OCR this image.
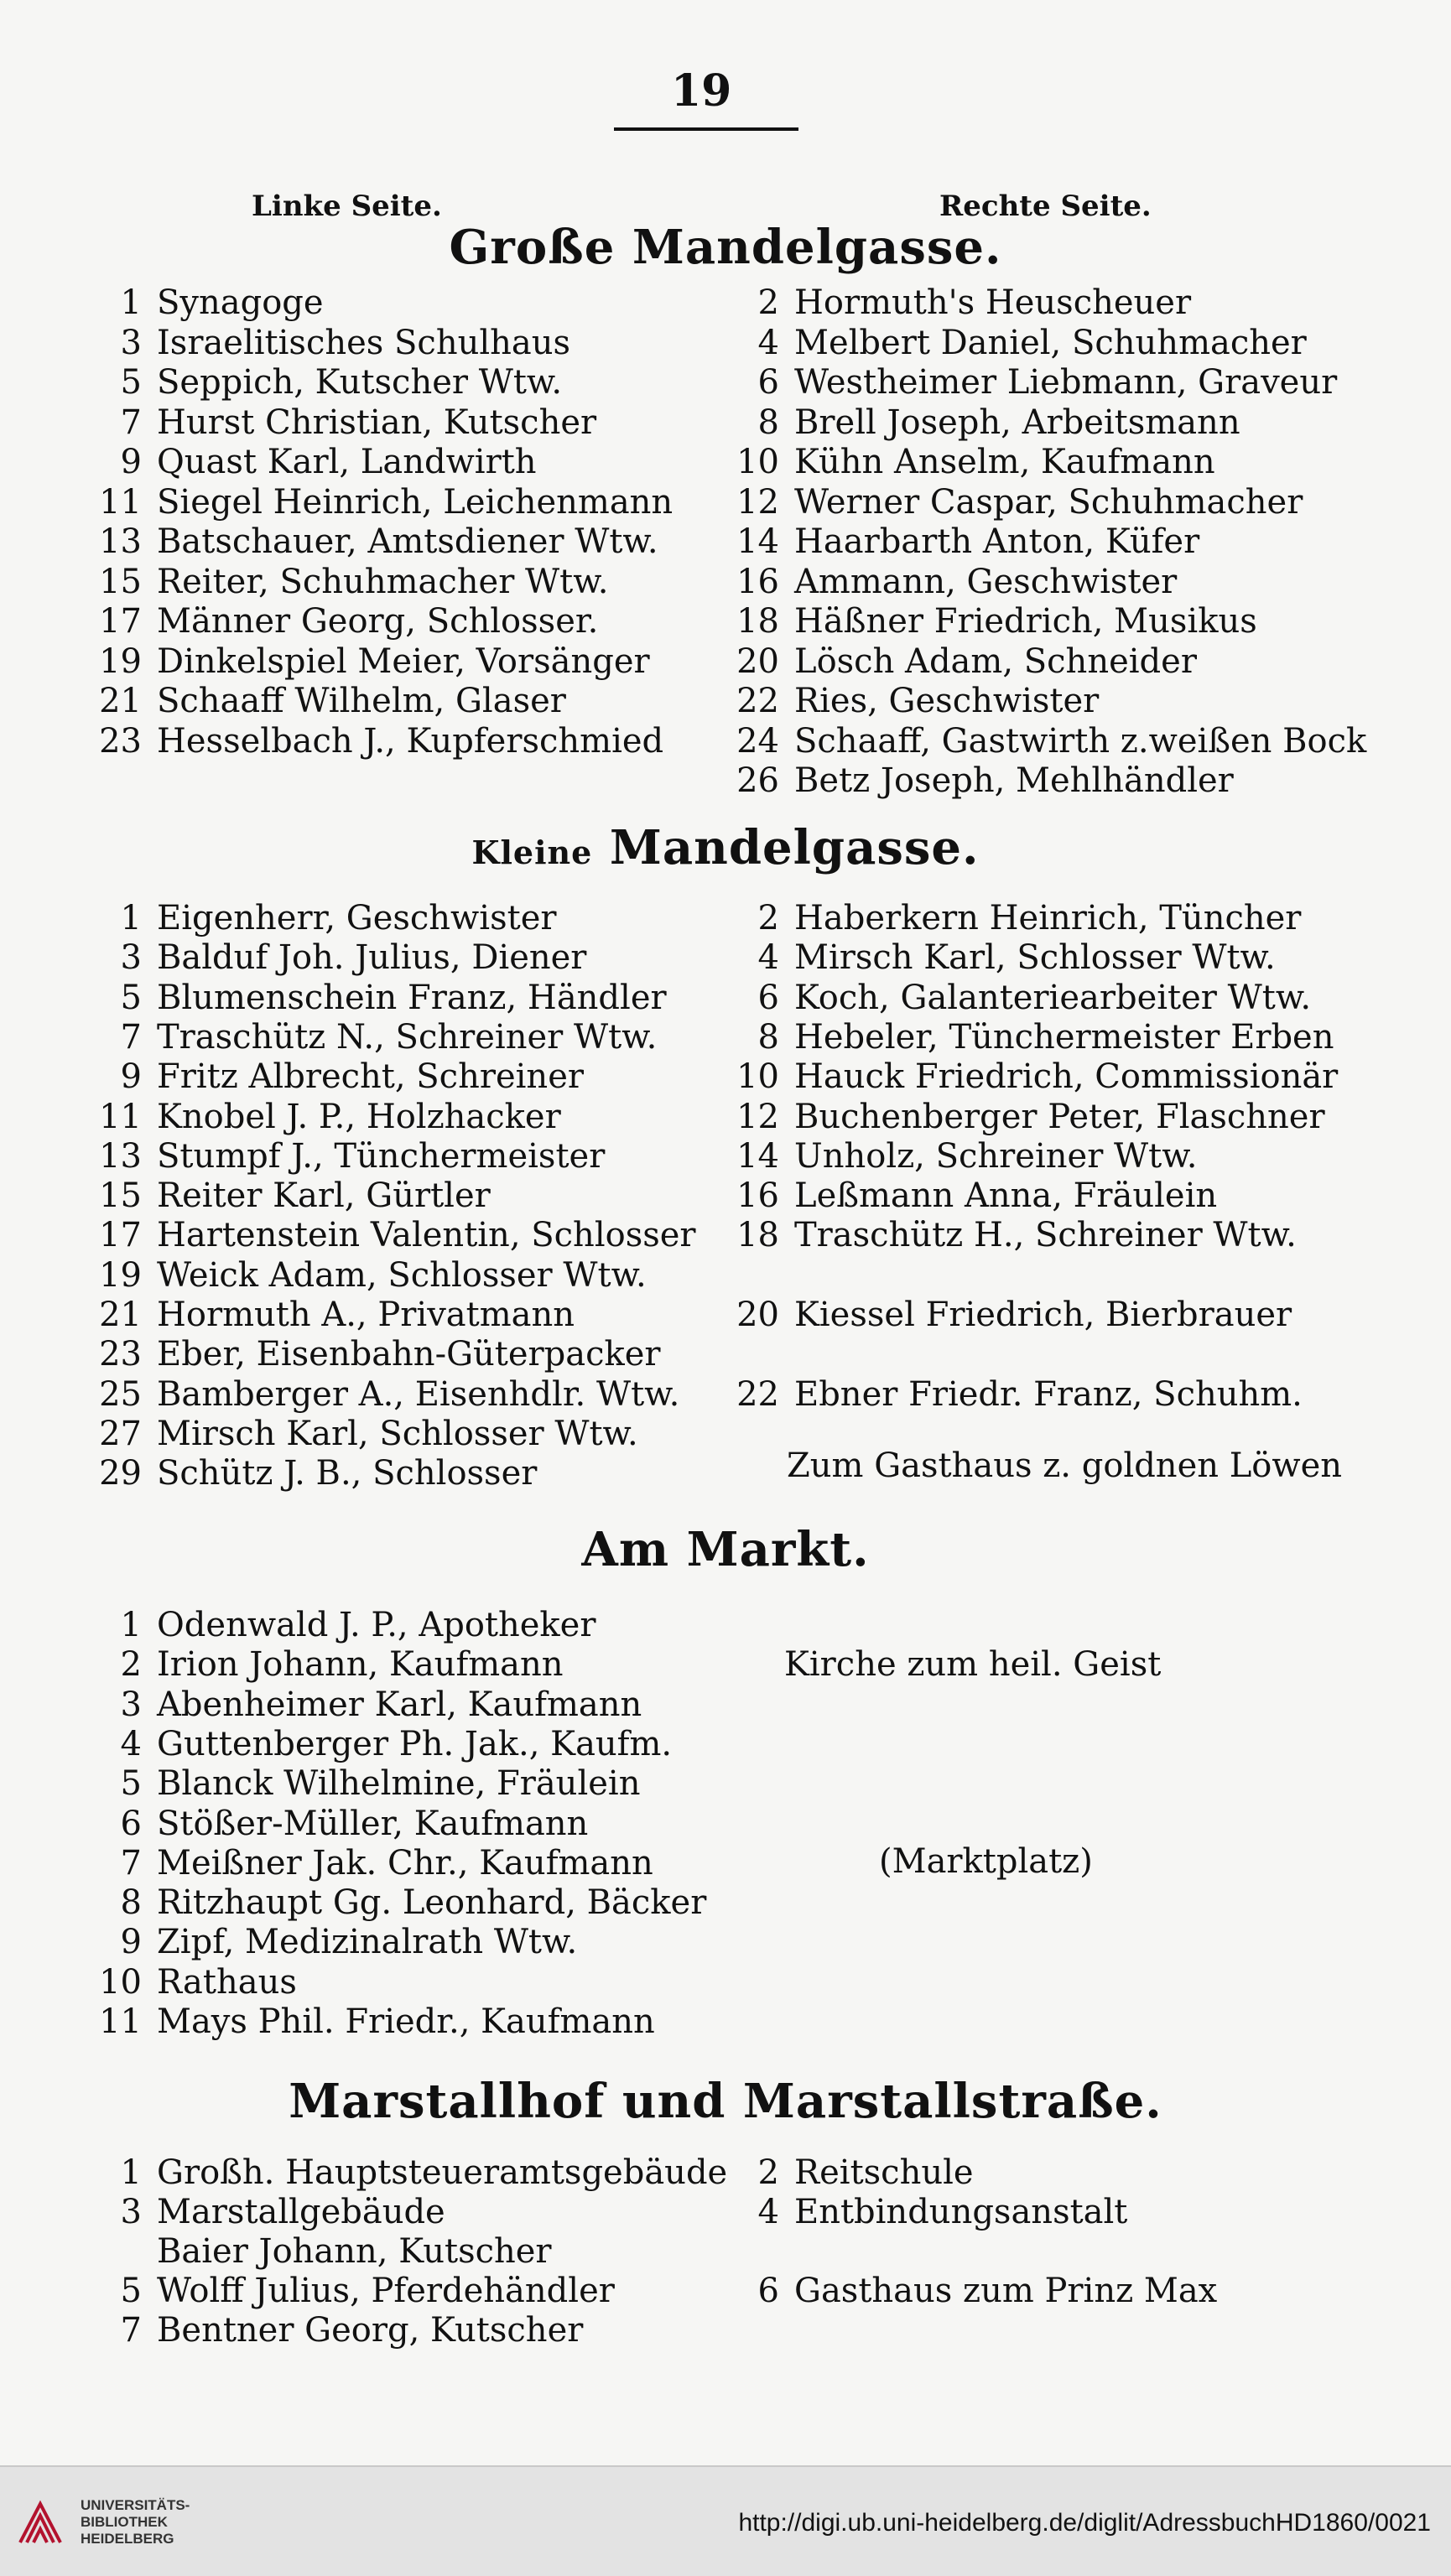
19
Linke Seite.	Rechte Seite.
Große Mandelgasse.
1 Synagoge
3 Israelitisches Schulhaus
5 Seppich, Kutscher Wtw.
7 Hurst Christian, Kutscher
9 Quast Karl, Landwirth
11 Siegel Heinrich, Leichenmann
13 Batschauer, Amtsdiener Wtw.
15 Reiter, Schuhmacher Wtw.
17 Männer Georg, Schlosser.
19 Dinkelspiel Meier, Vorsänger
21 Schaaff Wilhelm, Glaser
23 Hesselbach J., Kupferschmied
2 Hormuth's Heuscheuer
4 Melbert Daniel, Schuhmacher
6 Westheimer Liebmann, Graveur
8 Brell Joseph, Arbeitsmann
10 Kühn Anselm, Kaufmann
12 Werner Caspar, Schuhmacher
14 Haarbarth Anton, Küfer
16 Ammann, Geschwister
18 Häßner Friedrich, Musikus
20 Lösch Adam, Schneider
22 Ries, Geschwister
24 Schaaff, Gastwirth z.weißen Bock
26 Betz Joseph, Mehlhändler
Kleine Mandelgasse.
1 Eigenherr, Geschwister
3 Balduf Joh. Julius, Diener
5 Blumenschein Franz, Händler
7 Traschütz N., Schreiner Wtw.
9 Fritz Albrecht, Schreiner
11 Knobel J. P., Holzhacker
13 Stumpf J., Tünchermeister
15 Reiter Karl, Gürtler
17 Hartenstein Valentin, Schlosser
19 Weick Adam, Schlosser Wtw.
21 Hormuth A., Privatmann
23 Eber, Eisenbahn-Güterpacker
25 Bamberger A., Eisenhdlr. Wtw.
27 Mirsch Karl, Schlosser Wtw.
29 Schütz J. B., Schlosser
2 Haberkern Heinrich, Tüncher
4 Mirsch Karl, Schlosser Wtw.
6 Koch, Galanteriearbeiter Wtw.
8 Hebeler, Tünchermeister Erben
10 Hauck Friedrich, Commissionär
12 Buchenberger Peter, Flaschner
14 Unholz, Schreiner Wtw.
16 Leßmann Anna, Fräulein
18 Traschütz H., Schreiner Wtw.
20 Kiessel Friedrich, Bierbrauer
22 Ebner Friedr. Franz, Schuhm.
Zum Gasthaus z. goldnen Löwen
Am Markt.
1 Odenwald J. P., Apotheker
2 Irion Johann, Kaufmann
3 Abenheimer Karl, Kaufmann
4 Guttenberger Ph. Jak., Kaufm.
5 Blanck Wilhelmine, Fräulein
6 Stößer-Müller, Kaufmann
7 Meißner Jak. Chr., Kaufmann
8 Ritzhaupt Gg. Leonhard, Bäcker
9 Zipf, Medizinalrath Wtw.
10 Rathaus
11 Mays Phil. Friedr., Kaufmann
Kirche zum heil. Geist
(Marktplatz)
Marstallhof und Marstallstraße.
1 Großh. Hauptsteueramtsgebäude
3 Marstallgebäude
Baier Johann, Kutscher
5 Wolff Julius, Pferdehändler
7 Bentner Georg, Kutscher
2 Reitschule
4 Entbindungsanstalt
6 Gasthaus zum Prinz Max
UNIVERSITÄTS-
BIBLIOTHEK
HEIDELBERG
http://digi.ub.uni-heidelberg.de/diglit/AdressbuchHD1860/0021
